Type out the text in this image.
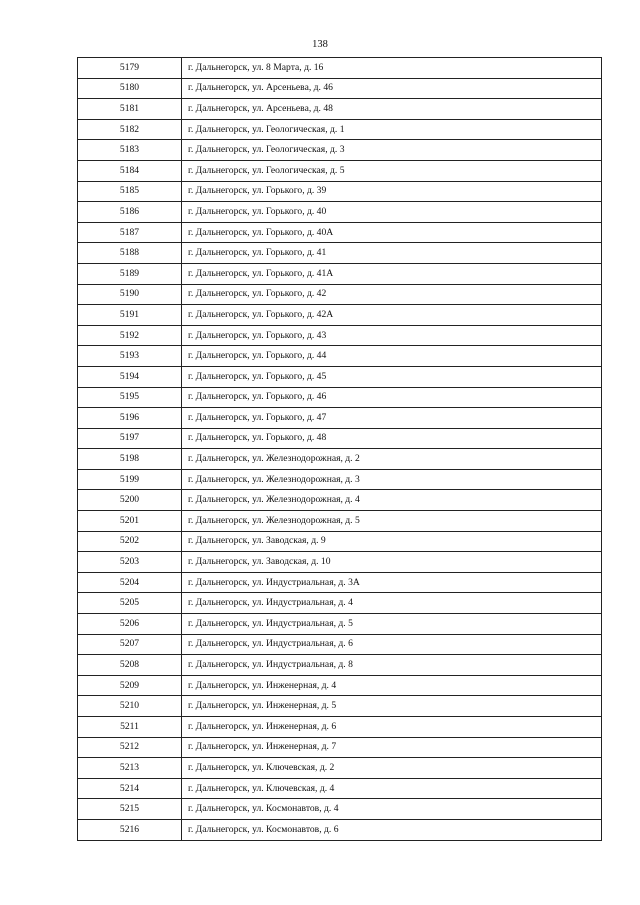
138
5179	г. Дальнегорск, ул. 8 Марта, д. 16
5180	г. Дальнегорск, ул. Арсеньева, д. 46
5181	г. Дальнегорск, ул. Арсеньева, д. 48
5182	г. Дальнегорск, ул. Геологическая, д. 1
5183	г. Дальнегорск, ул. Геологическая, д. 3
5184	г. Дальнегорск, ул. Геологическая, д. 5
5185	г. Дальнегорск, ул. Горького, д. 39
5186	г. Дальнегорск, ул. Горького, д. 40
5187	г. Дальнегорск, ул. Горького, д. 40А
5188	г. Дальнегорск, ул. Горького, д. 41
5189	г. Дальнегорск, ул. Горького, д. 41А
5190	г. Дальнегорск, ул. Горького, д. 42
5191	г. Дальнегорск, ул. Горького, д. 42А
5192	г. Дальнегорск, ул. Горького, д. 43
5193	г. Дальнегорск, ул. Горького, д. 44
5194	г. Дальнегорск, ул. Горького, д. 45
5195	г. Дальнегорск, ул. Горького, д. 46
5196	г. Дальнегорск, ул. Горького, д. 47
5197	г. Дальнегорск, ул. Горького, д. 48
5198	г. Дальнегорск, ул. Железнодорожная, д. 2
5199	г. Дальнегорск, ул. Железнодорожная, д. 3
5200	г. Дальнегорск, ул. Железнодорожная, д. 4
5201	г. Дальнегорск, ул. Железнодорожная, д. 5
5202	г. Дальнегорск, ул. Заводская, д. 9
5203	г. Дальнегорск, ул. Заводская, д. 10
5204	г. Дальнегорск, ул. Индустриальная, д. 3А
5205	г. Дальнегорск, ул. Индустриальная, д. 4
5206	г. Дальнегорск, ул. Индустриальная, д. 5
5207	г. Дальнегорск, ул. Индустриальная, д. 6
5208	г. Дальнегорск, ул. Индустриальная, д. 8
5209	г. Дальнегорск, ул. Инженерная, д. 4
5210	г. Дальнегорск, ул. Инженерная, д. 5
5211	г. Дальнегорск, ул. Инженерная, д. 6
5212	г. Дальнегорск, ул. Инженерная, д. 7
5213	г. Дальнегорск, ул. Ключевская, д. 2
5214	г. Дальнегорск, ул. Ключевская, д. 4
5215	г. Дальнегорск, ул. Космонавтов, д. 4
5216	г. Дальнегорск, ул. Космонавтов, д. 6
